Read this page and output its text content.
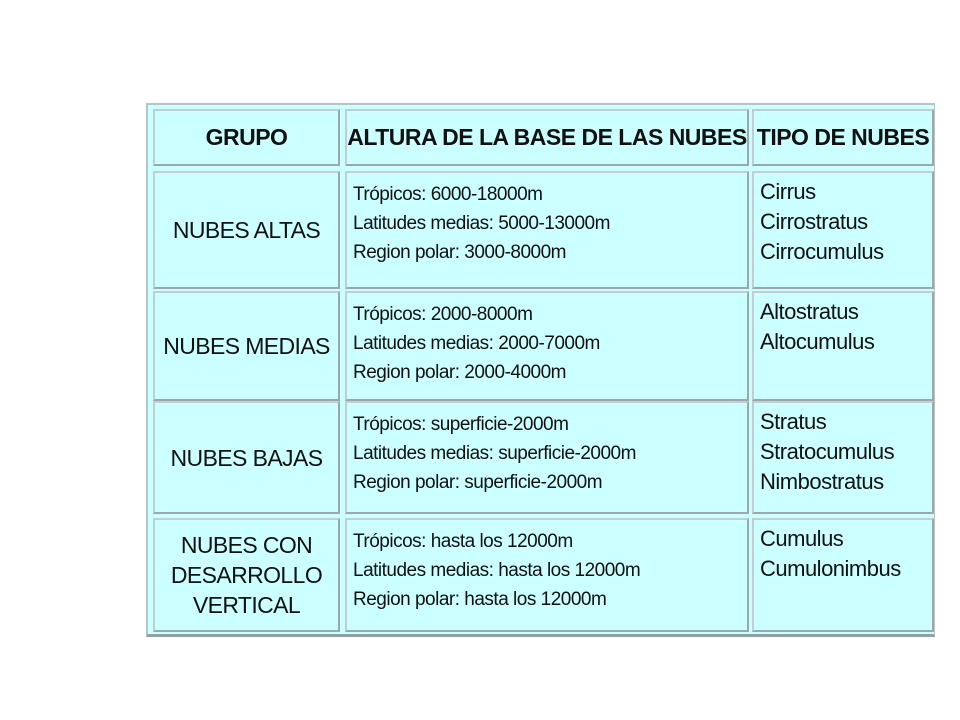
GRUPO	ALTURA DE LA BASE DE LAS NUBES TIPO DE NUBES
NUBES ALTAS
Trópicos: 6000-18000m
Latitudes medias: 5000-13000m
Region polar: 3000-8000m
Cirrus
Cirrostratus
Cirrocumulus
NUBES MEDIAS
Trópicos: 2000-8000m
Latitudes medias: 2000-7000m
Region polar: 2000-4000m
Altostratus
Altocumulus
NUBES BAJAS
Trópicos: superficie-2000m
Latitudes medias: superficie-2000m
Region polar: superficie-2000m
Stratus
Stratocumulus
Nimbostratus
NUBES CON
DESARROLLO
VERTICAL
Trópicos: hasta los 12000m
Latitudes medias: hasta los 12000m
Region polar: hasta los 12000m
Cumulus
Cumulonimbus
